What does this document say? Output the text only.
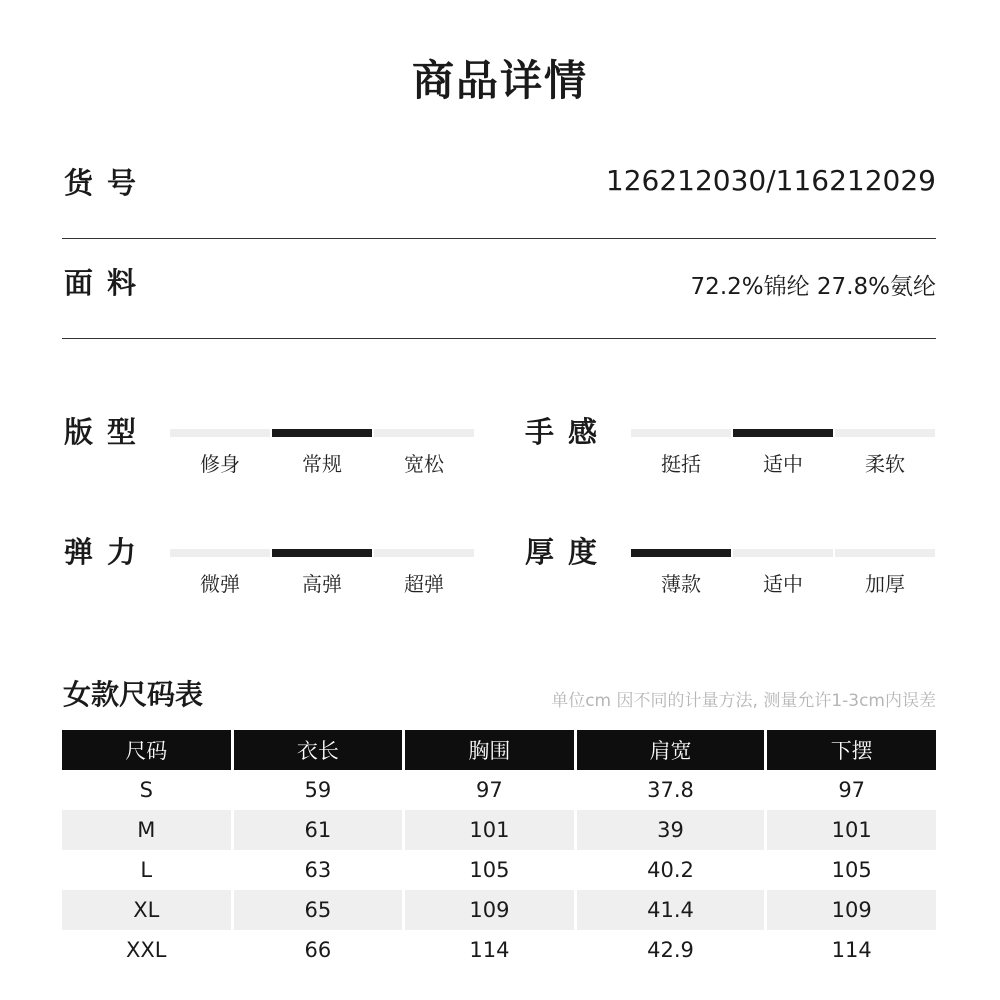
商品详情
货号	126212030/116212029
面料	72.2%锦纶 27.8%氨纶
版型
修身	常规	宽松
手感
挺括	适中	柔软
弹力
微弹	高弹	超弹
厚度
薄款	适中	加厚
女款尺码表	单位cm 因不同的计量方法, 测量允许1-3cm内误差
尺码	衣长	胸围	肩宽	下摆
S	59	97	37.8	97
M	61	101	39	101
L	63	105	40.2	105
XL	65	109	41.4	109
XXL	66	114	42.9	114
